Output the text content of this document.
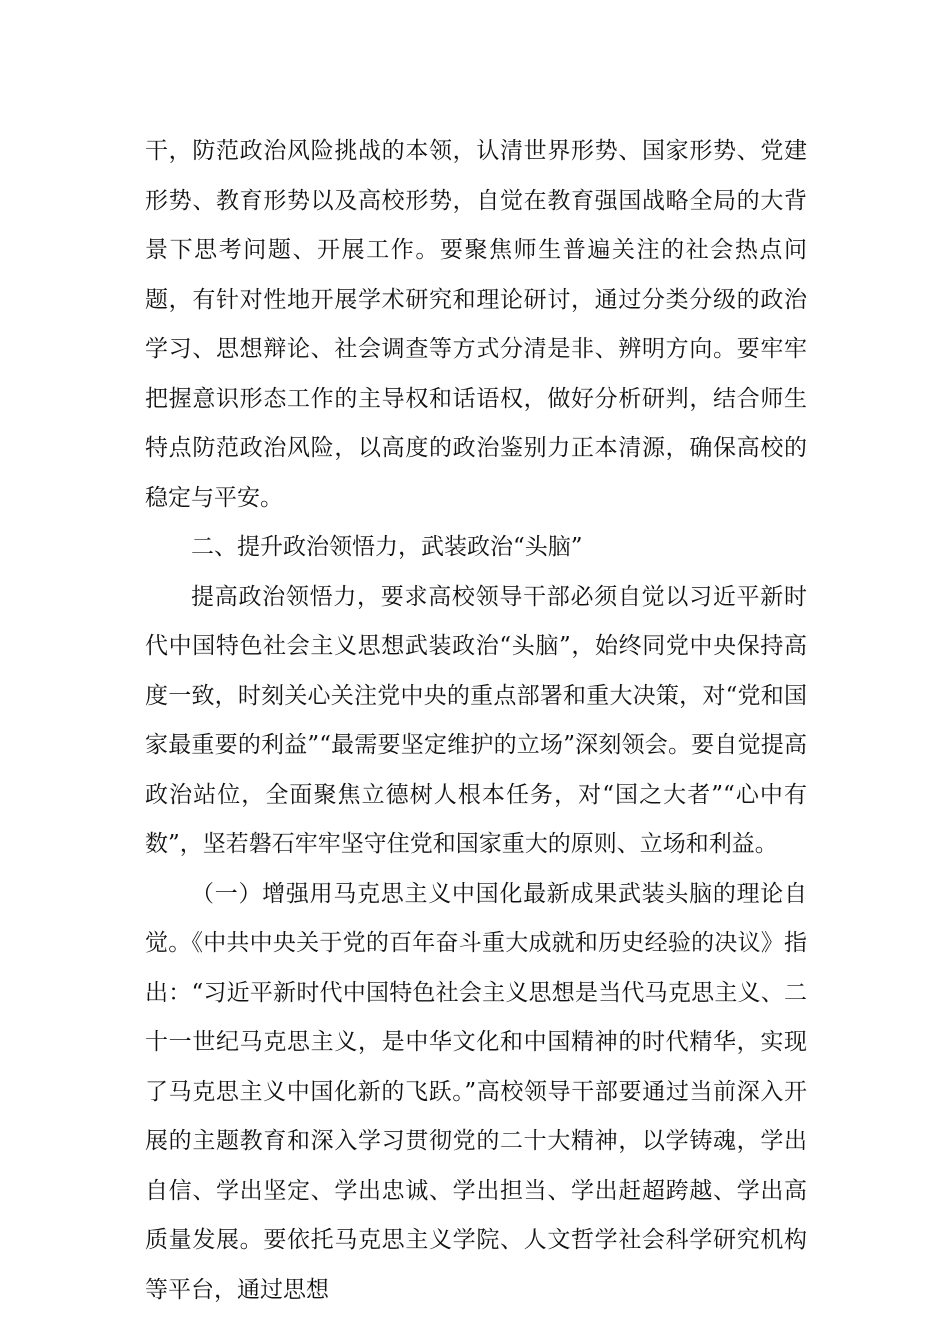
干，防范政治风险挑战的本领，认清世界形势、国家形势、党建形势、教育形势以及高校形势，自觉在教育强国战略全局的大背景下思考问题、开展工作。要聚焦师生普遍关注的社会热点问题，有针对性地开展学术研究和理论研讨，通过分类分级的政治学习、思想辩论、社会调查等方式分清是非、辨明方向。要牢牢把握意识形态工作的主导权和话语权，做好分析研判，结合师生特点防范政治风险，以高度的政治鉴别力正本清源，确保高校的稳定与平安。

二、提升政治领悟力，武装政治“头脑”

提高政治领悟力，要求高校领导干部必须自觉以习近平新时代中国特色社会主义思想武装政治“头脑”，始终同党中央保持高度一致，时刻关心关注党中央的重点部署和重大决策，对“党和国家最重要的利益”“最需要坚定维护的立场”深刻领会。要自觉提高政治站位，全面聚焦立德树人根本任务，对“国之大者”“心中有数”，坚若磐石牢牢坚守住党和国家重大的原则、立场和利益。

（一）增强用马克思主义中国化最新成果武装头脑的理论自觉。《中共中央关于党的百年奋斗重大成就和历史经验的决议》指出：“习近平新时代中国特色社会主义思想是当代马克思主义、二十一世纪马克思主义，是中华文化和中国精神的时代精华，实现了马克思主义中国化新的飞跃。”高校领导干部要通过当前深入开展的主题教育和深入学习贯彻党的二十大精神，以学铸魂，学出自信、学出坚定、学出忠诚、学出担当、学出赶超跨越、学出高质量发展。要依托马克思主义学院、人文哲学社会科学研究机构等平台，通过思想
